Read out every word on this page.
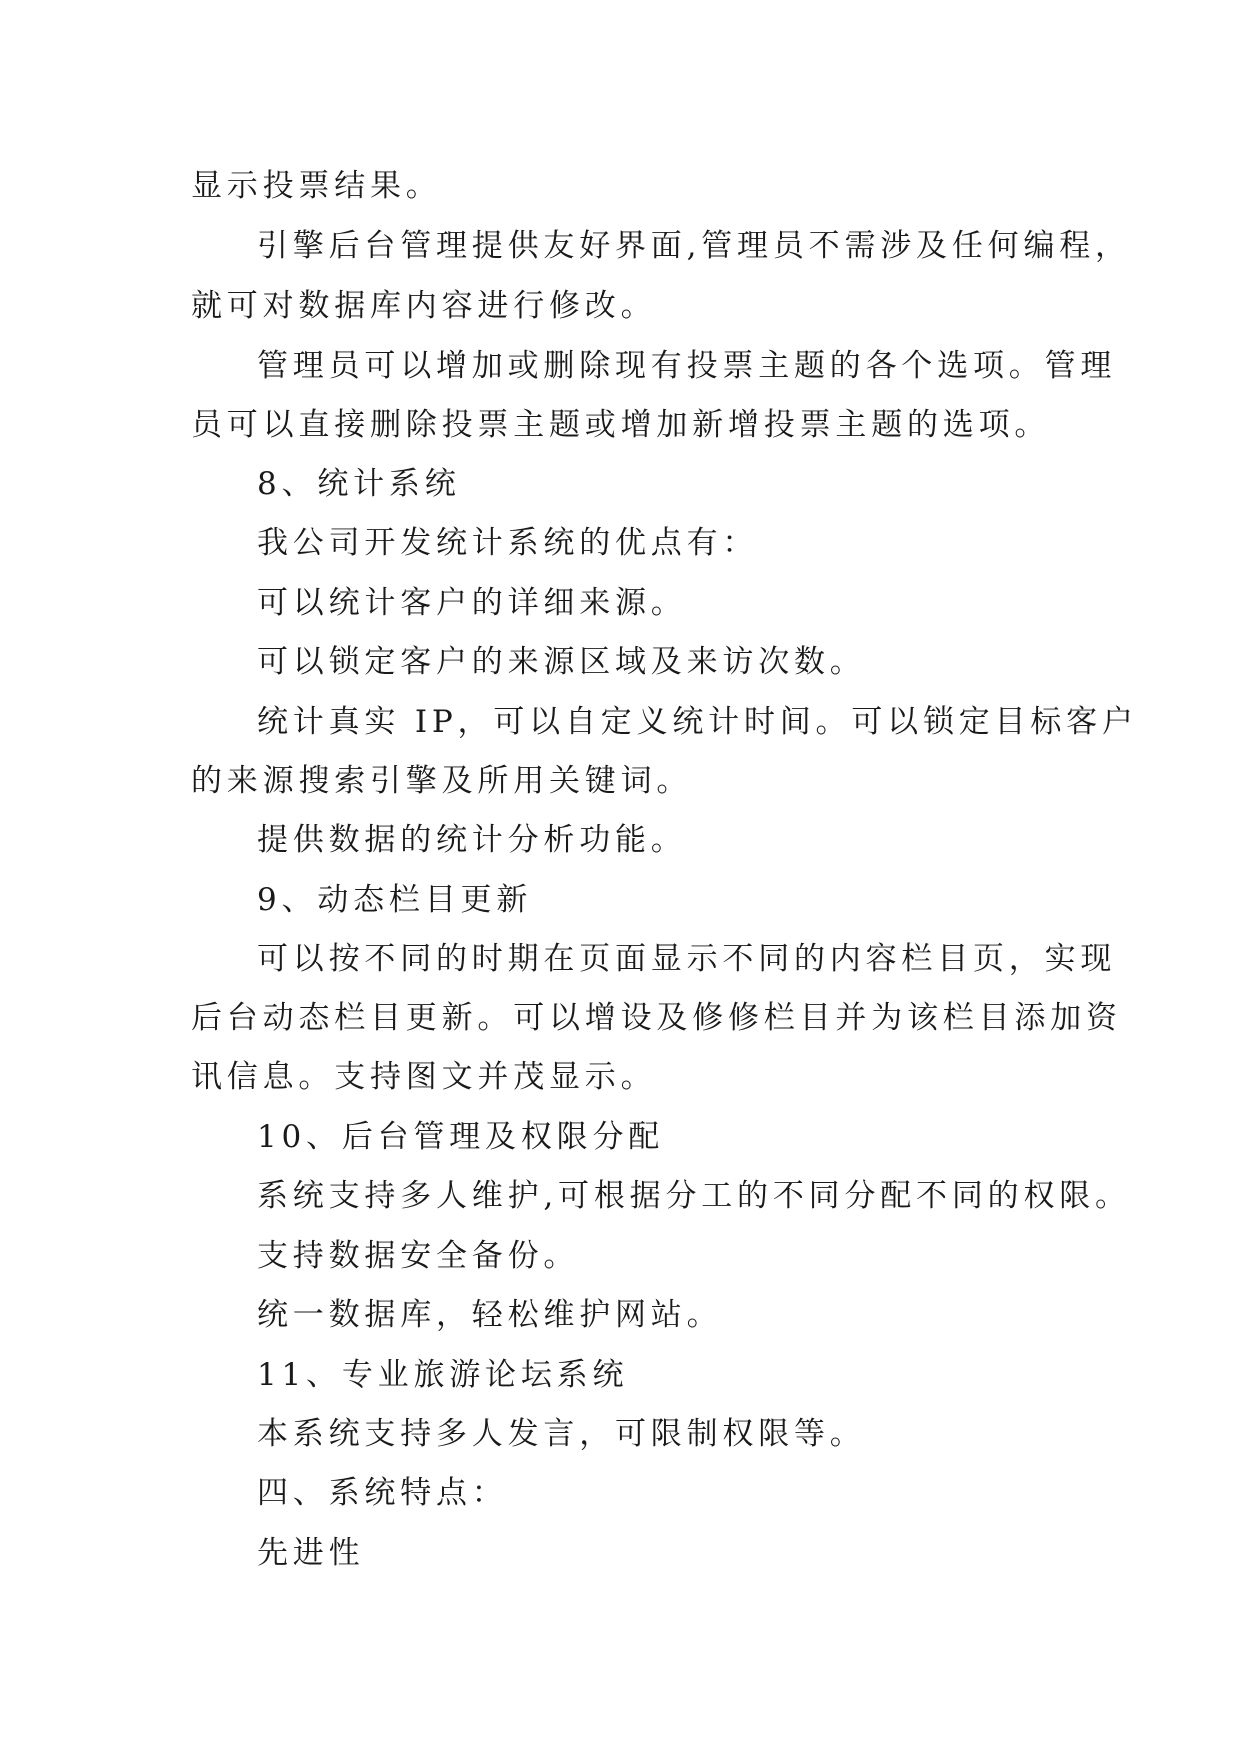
显示投票结果。
引擎后台管理提供友好界面,管理员不需涉及任何编程，
就可对数据库内容进行修改。
管理员可以增加或删除现有投票主题的各个选项。管理
员可以直接删除投票主题或增加新增投票主题的选项。
8、统计系统
我公司开发统计系统的优点有：
可以统计客户的详细来源。
可以锁定客户的来源区域及来访次数。
统计真实 IP，可以自定义统计时间。可以锁定目标客户
的来源搜索引擎及所用关键词。
提供数据的统计分析功能。
9、动态栏目更新
可以按不同的时期在页面显示不同的内容栏目页，实现
后台动态栏目更新。可以增设及修修栏目并为该栏目添加资
讯信息。支持图文并茂显示。
10、后台管理及权限分配
系统支持多人维护,可根据分工的不同分配不同的权限。
支持数据安全备份。
统一数据库，轻松维护网站。
11、专业旅游论坛系统
本系统支持多人发言，可限制权限等。
四、系统特点：
先进性
